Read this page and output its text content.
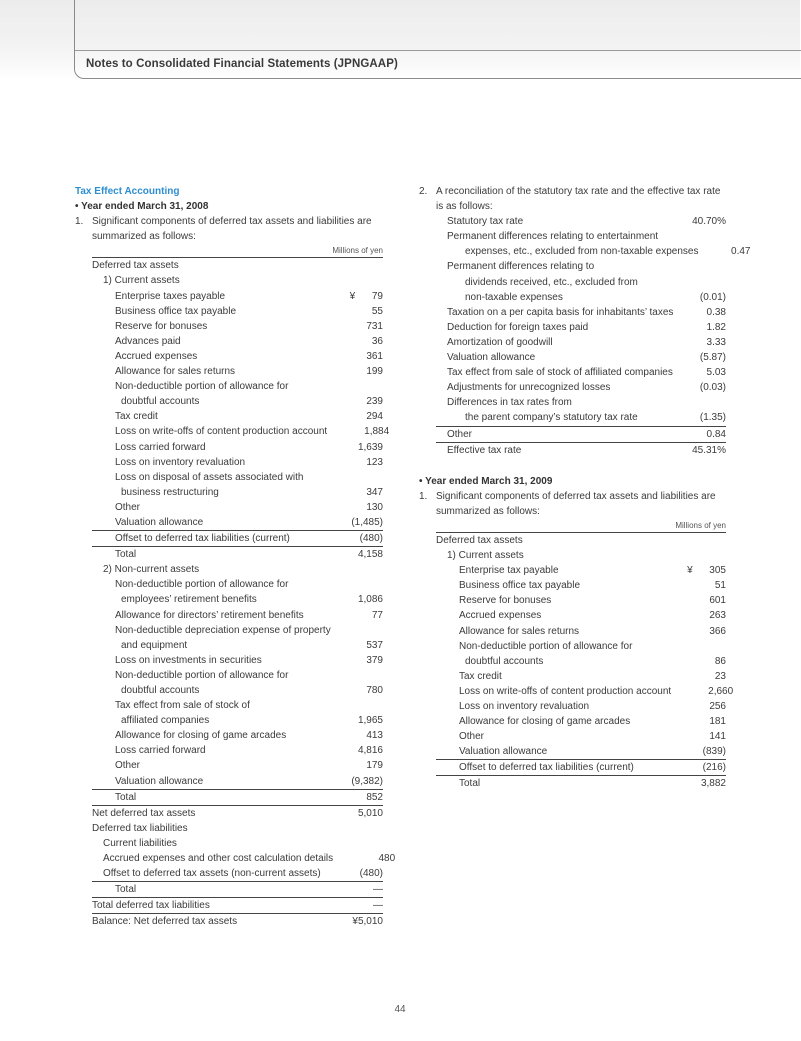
Notes to Consolidated Financial Statements (JPNGAAP)
Tax Effect Accounting
• Year ended March 31, 2008
1. Significant components of deferred tax assets and liabilities are summarized as follows:
Millions of yen
Deferred tax assets
1) Current assets
Enterprise taxes payable	¥      79
Business office tax payable	55
Reserve for bonuses	731
Advances paid	36
Accrued expenses	361
Allowance for sales returns	199
Non-deductible portion of allowance for
doubtful accounts	239
Tax credit	294
Loss on write-offs of content production account	1,884
Loss carried forward	1,639
Loss on inventory revaluation	123
Loss on disposal of assets associated with
business restructuring	347
Other	130
Valuation allowance	(1,485)
Offset to deferred tax liabilities (current)	(480)
Total	4,158
2) Non-current assets
Non-deductible portion of allowance for
employees’ retirement benefits	1,086
Allowance for directors’ retirement benefits	77
Non-deductible depreciation expense of property
and equipment	537
Loss on investments in securities	379
Non-deductible portion of allowance for
doubtful accounts	780
Tax effect from sale of stock of
affiliated companies	1,965
Allowance for closing of game arcades	413
Loss carried forward	4,816
Other	179
Valuation allowance	(9,382)
Total	852
Net deferred tax assets	5,010
Deferred tax liabilities
Current liabilities
Accrued expenses and other cost calculation details	480
Offset to deferred tax assets (non-current assets)	(480)
Total	—
Total deferred tax liabilities	—
Balance: Net deferred tax assets	¥5,010
2. A reconciliation of the statutory tax rate and the effective tax rate is as follows:
Statutory tax rate	40.70%
Permanent differences relating to entertainment
expenses, etc., excluded from non-taxable expenses	0.47
Permanent differences relating to
dividends received, etc., excluded from
non-taxable expenses	(0.01)
Taxation on a per capita basis for inhabitants’ taxes	0.38
Deduction for foreign taxes paid	1.82
Amortization of goodwill	3.33
Valuation allowance	(5.87)
Tax effect from sale of stock of affiliated companies	5.03
Adjustments for unrecognized losses	(0.03)
Differences in tax rates from
the parent company’s statutory tax rate	(1.35)
Other	0.84
Effective tax rate	45.31%
• Year ended March 31, 2009
1. Significant components of deferred tax assets and liabilities are summarized as follows:
Millions of yen
Deferred tax assets
1) Current assets
Enterprise tax payable	¥      305
Business office tax payable	51
Reserve for bonuses	601
Accrued expenses	263
Allowance for sales returns	366
Non-deductible portion of allowance for
doubtful accounts	86
Tax credit	23
Loss on write-offs of content production account	2,660
Loss on inventory revaluation	256
Allowance for closing of game arcades	181
Other	141
Valuation allowance	(839)
Offset to deferred tax liabilities (current)	(216)
Total	3,882
44
